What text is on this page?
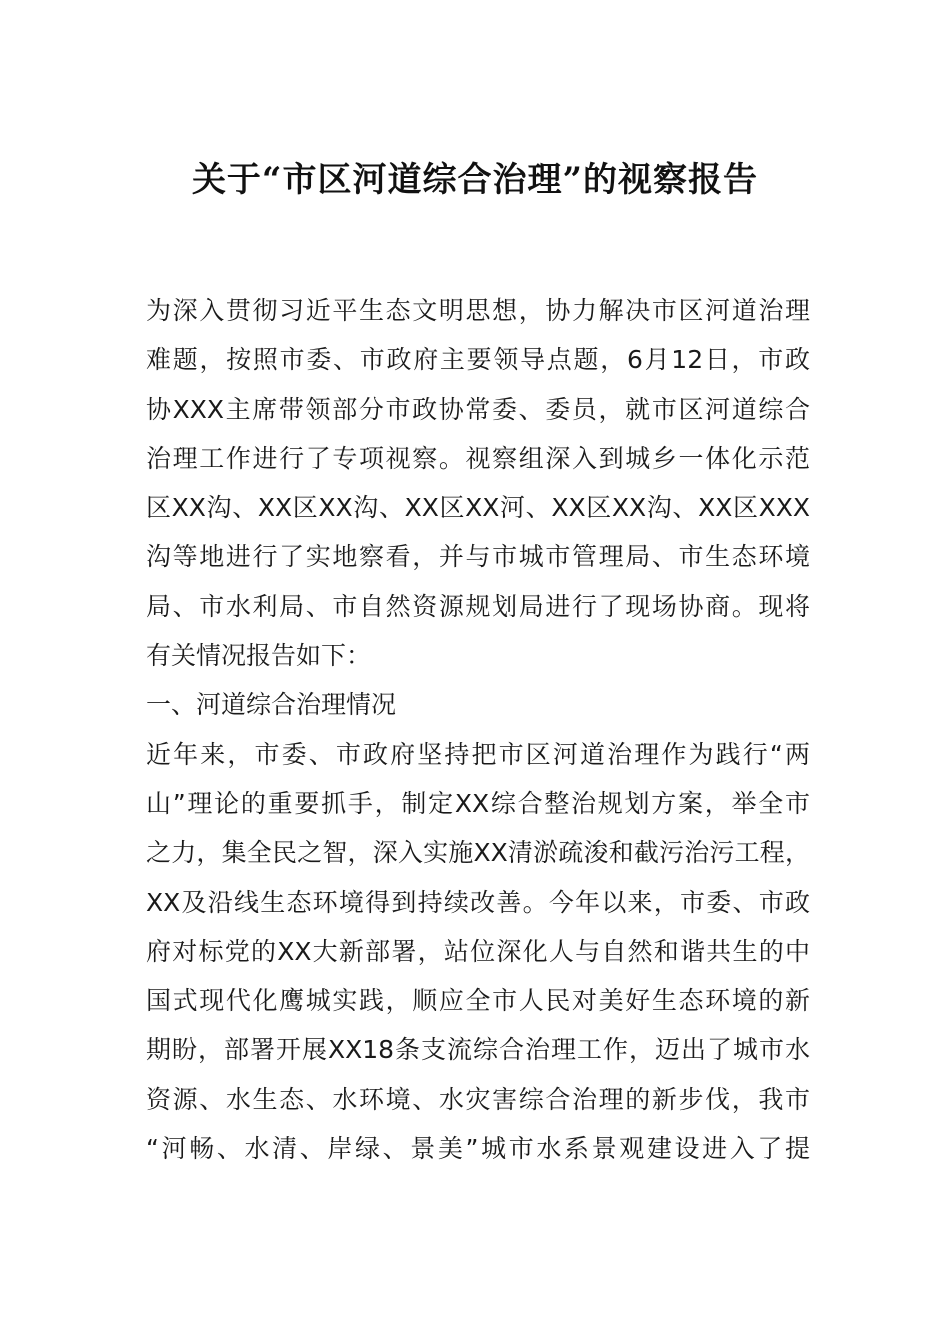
关于“市区河道综合治理”的视察报告
为深入贯彻习近平生态文明思想，协力解决市区河道治理
难题，按照市委、市政府主要领导点题，6月12日，市政
协XXX主席带领部分市政协常委、委员，就市区河道综合
治理工作进行了专项视察。视察组深入到城乡一体化示范
区XX沟、XX区XX沟、XX区XX河、XX区XX沟、XX区XXX
沟等地进行了实地察看，并与市城市管理局、市生态环境
局、市水利局、市自然资源规划局进行了现场协商。现将
有关情况报告如下：
一、河道综合治理情况
近年来，市委、市政府坚持把市区河道治理作为践行“两
山”理论的重要抓手，制定XX综合整治规划方案，举全市
之力，集全民之智，深入实施XX清淤疏浚和截污治污工程，
XX及沿线生态环境得到持续改善。今年以来，市委、市政
府对标党的XX大新部署，站位深化人与自然和谐共生的中
国式现代化鹰城实践，顺应全市人民对美好生态环境的新
期盼，部署开展XX18条支流综合治理工作，迈出了城市水
资源、水生态、水环境、水灾害综合治理的新步伐，我市
“河畅、水清、岸绿、景美”城市水系景观建设进入了提
